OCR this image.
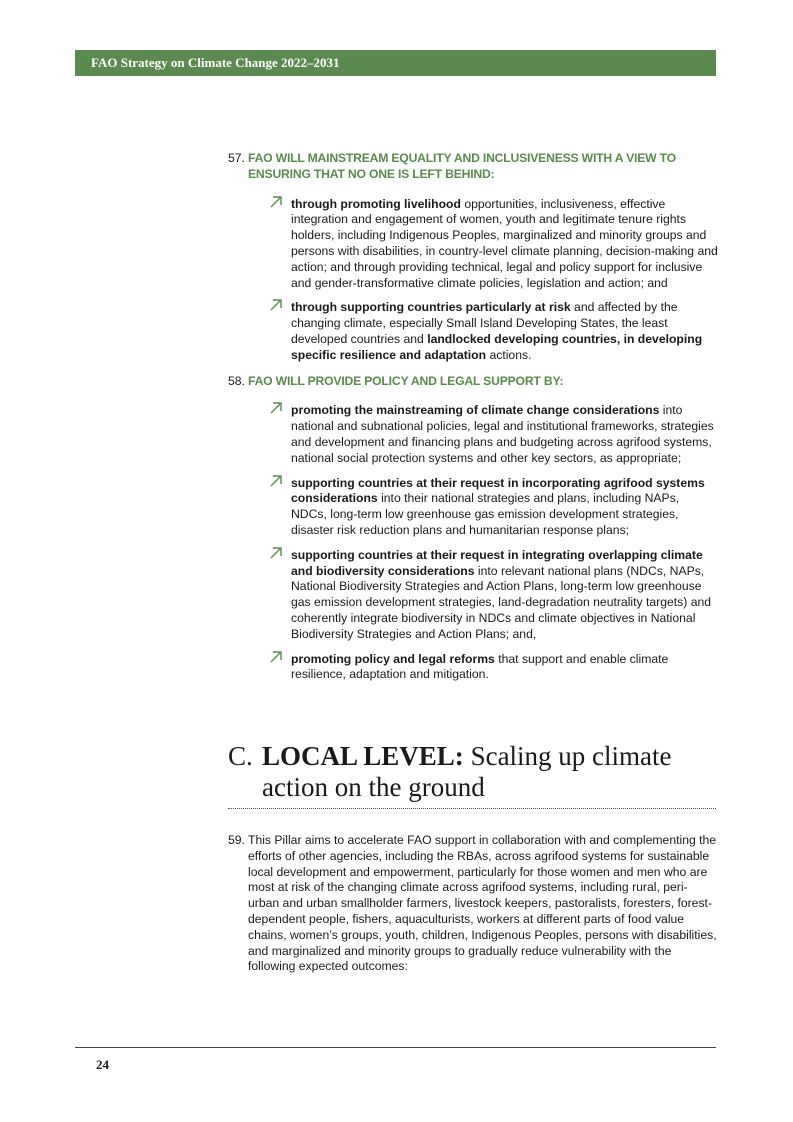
FAO Strategy on Climate Change 2022–2031
57. FAO WILL MAINSTREAM EQUALITY AND INCLUSIVENESS WITH A VIEW TO ENSURING THAT NO ONE IS LEFT BEHIND:
through promoting livelihood opportunities, inclusiveness, effective integration and engagement of women, youth and legitimate tenure rights holders, including Indigenous Peoples, marginalized and minority groups and persons with disabilities, in country-level climate planning, decision-making and action; and through providing technical, legal and policy support for inclusive and gender-transformative climate policies, legislation and action; and
through supporting countries particularly at risk and affected by the changing climate, especially Small Island Developing States, the least developed countries and landlocked developing countries, in developing specific resilience and adaptation actions.
58. FAO WILL PROVIDE POLICY AND LEGAL SUPPORT BY:
promoting the mainstreaming of climate change considerations into national and subnational policies, legal and institutional frameworks, strategies and development and financing plans and budgeting across agrifood systems, national social protection systems and other key sectors, as appropriate;
supporting countries at their request in incorporating agrifood systems considerations into their national strategies and plans, including NAPs, NDCs, long-term low greenhouse gas emission development strategies, disaster risk reduction plans and humanitarian response plans;
supporting countries at their request in integrating overlapping climate and biodiversity considerations into relevant national plans (NDCs, NAPs, National Biodiversity Strategies and Action Plans, long-term low greenhouse gas emission development strategies, land-degradation neutrality targets) and coherently integrate biodiversity in NDCs and climate objectives in National Biodiversity Strategies and Action Plans; and,
promoting policy and legal reforms that support and enable climate resilience, adaptation and mitigation.
C. LOCAL LEVEL: Scaling up climate action on the ground
59. This Pillar aims to accelerate FAO support in collaboration with and complementing the efforts of other agencies, including the RBAs, across agrifood systems for sustainable local development and empowerment, particularly for those women and men who are most at risk of the changing climate across agrifood systems, including rural, peri-urban and urban smallholder farmers, livestock keepers, pastoralists, foresters, forest-dependent people, fishers, aquaculturists, workers at different parts of food value chains, women’s groups, youth, children, Indigenous Peoples, persons with disabilities, and marginalized and minority groups to gradually reduce vulnerability with the following expected outcomes:
24
